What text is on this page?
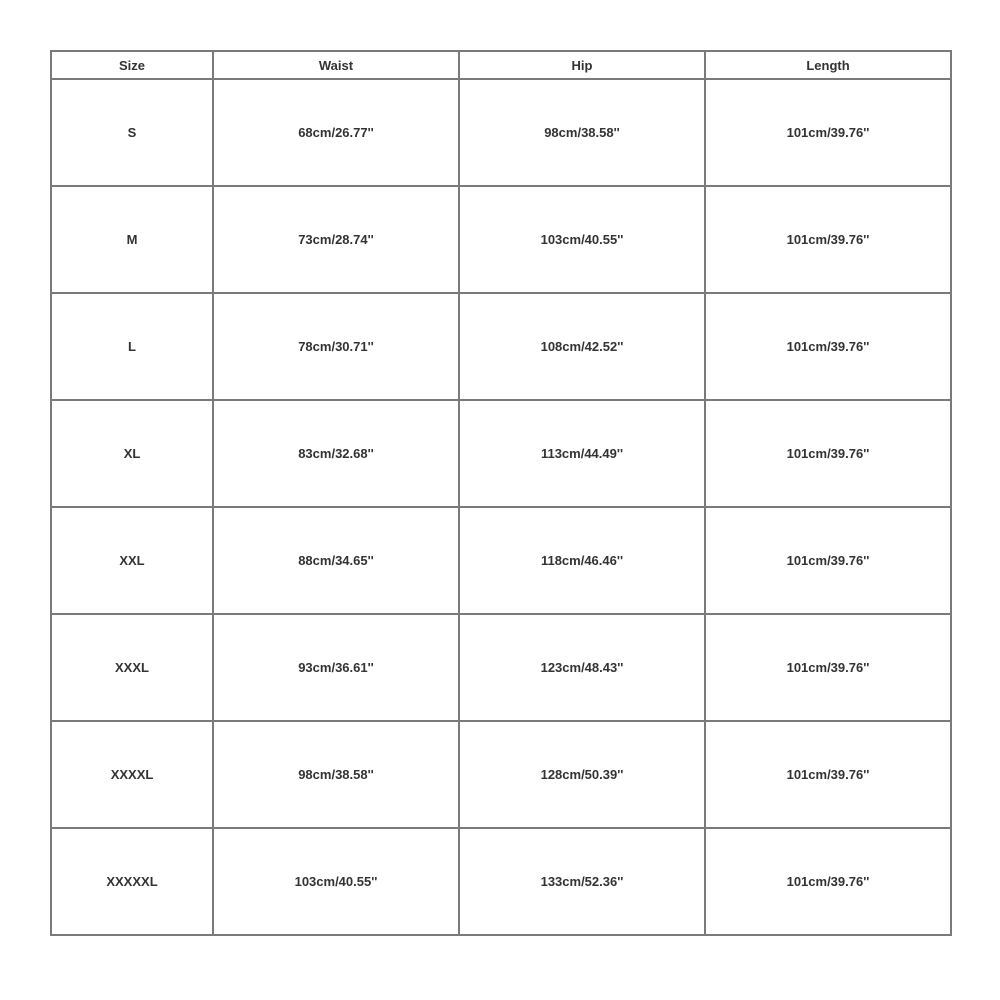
Size	Waist	Hip	Length
S	68cm/26.77''	98cm/38.58''	101cm/39.76''
M	73cm/28.74''	103cm/40.55''	101cm/39.76''
L	78cm/30.71''	108cm/42.52''	101cm/39.76''
XL	83cm/32.68''	113cm/44.49''	101cm/39.76''
XXL	88cm/34.65''	118cm/46.46''	101cm/39.76''
XXXL	93cm/36.61''	123cm/48.43''	101cm/39.76''
XXXXL	98cm/38.58''	128cm/50.39''	101cm/39.76''
XXXXXL	103cm/40.55''	133cm/52.36''	101cm/39.76''
